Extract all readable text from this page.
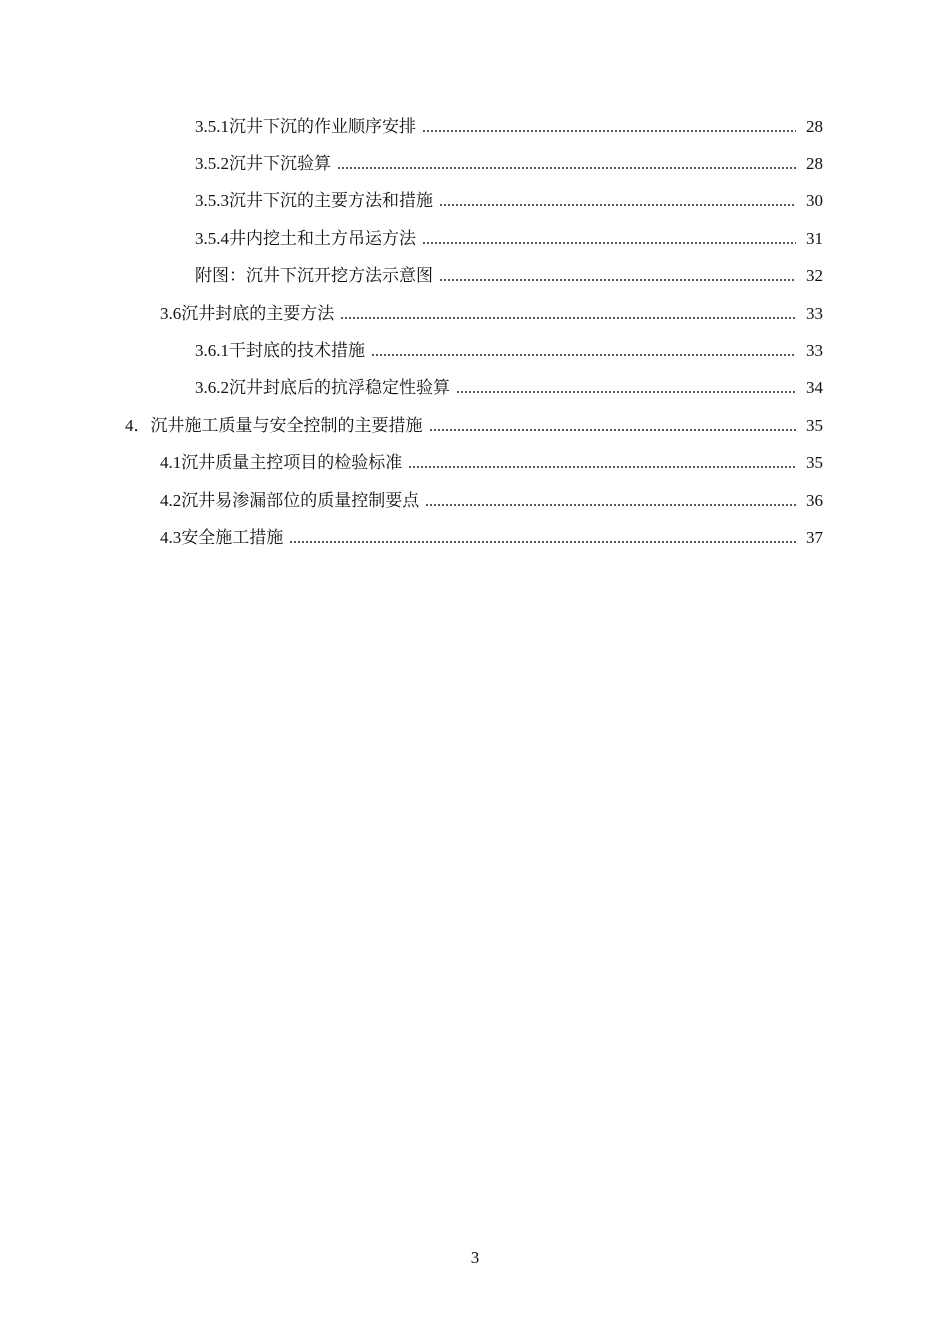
3.5.1沉井下沉的作业顺序安排	28
3.5.2沉井下沉验算	28
3.5.3沉井下沉的主要方法和措施	30
3.5.4井内挖土和土方吊运方法	31
附图：沉井下沉开挖方法示意图	32
3.6沉井封底的主要方法	33
3.6.1干封底的技术措施	33
3.6.2沉井封底后的抗浮稳定性验算	34
4．沉井施工质量与安全控制的主要措施	35
4.1沉井质量主控项目的检验标准	35
4.2沉井易渗漏部位的质量控制要点	36
4.3安全施工措施	37
3
